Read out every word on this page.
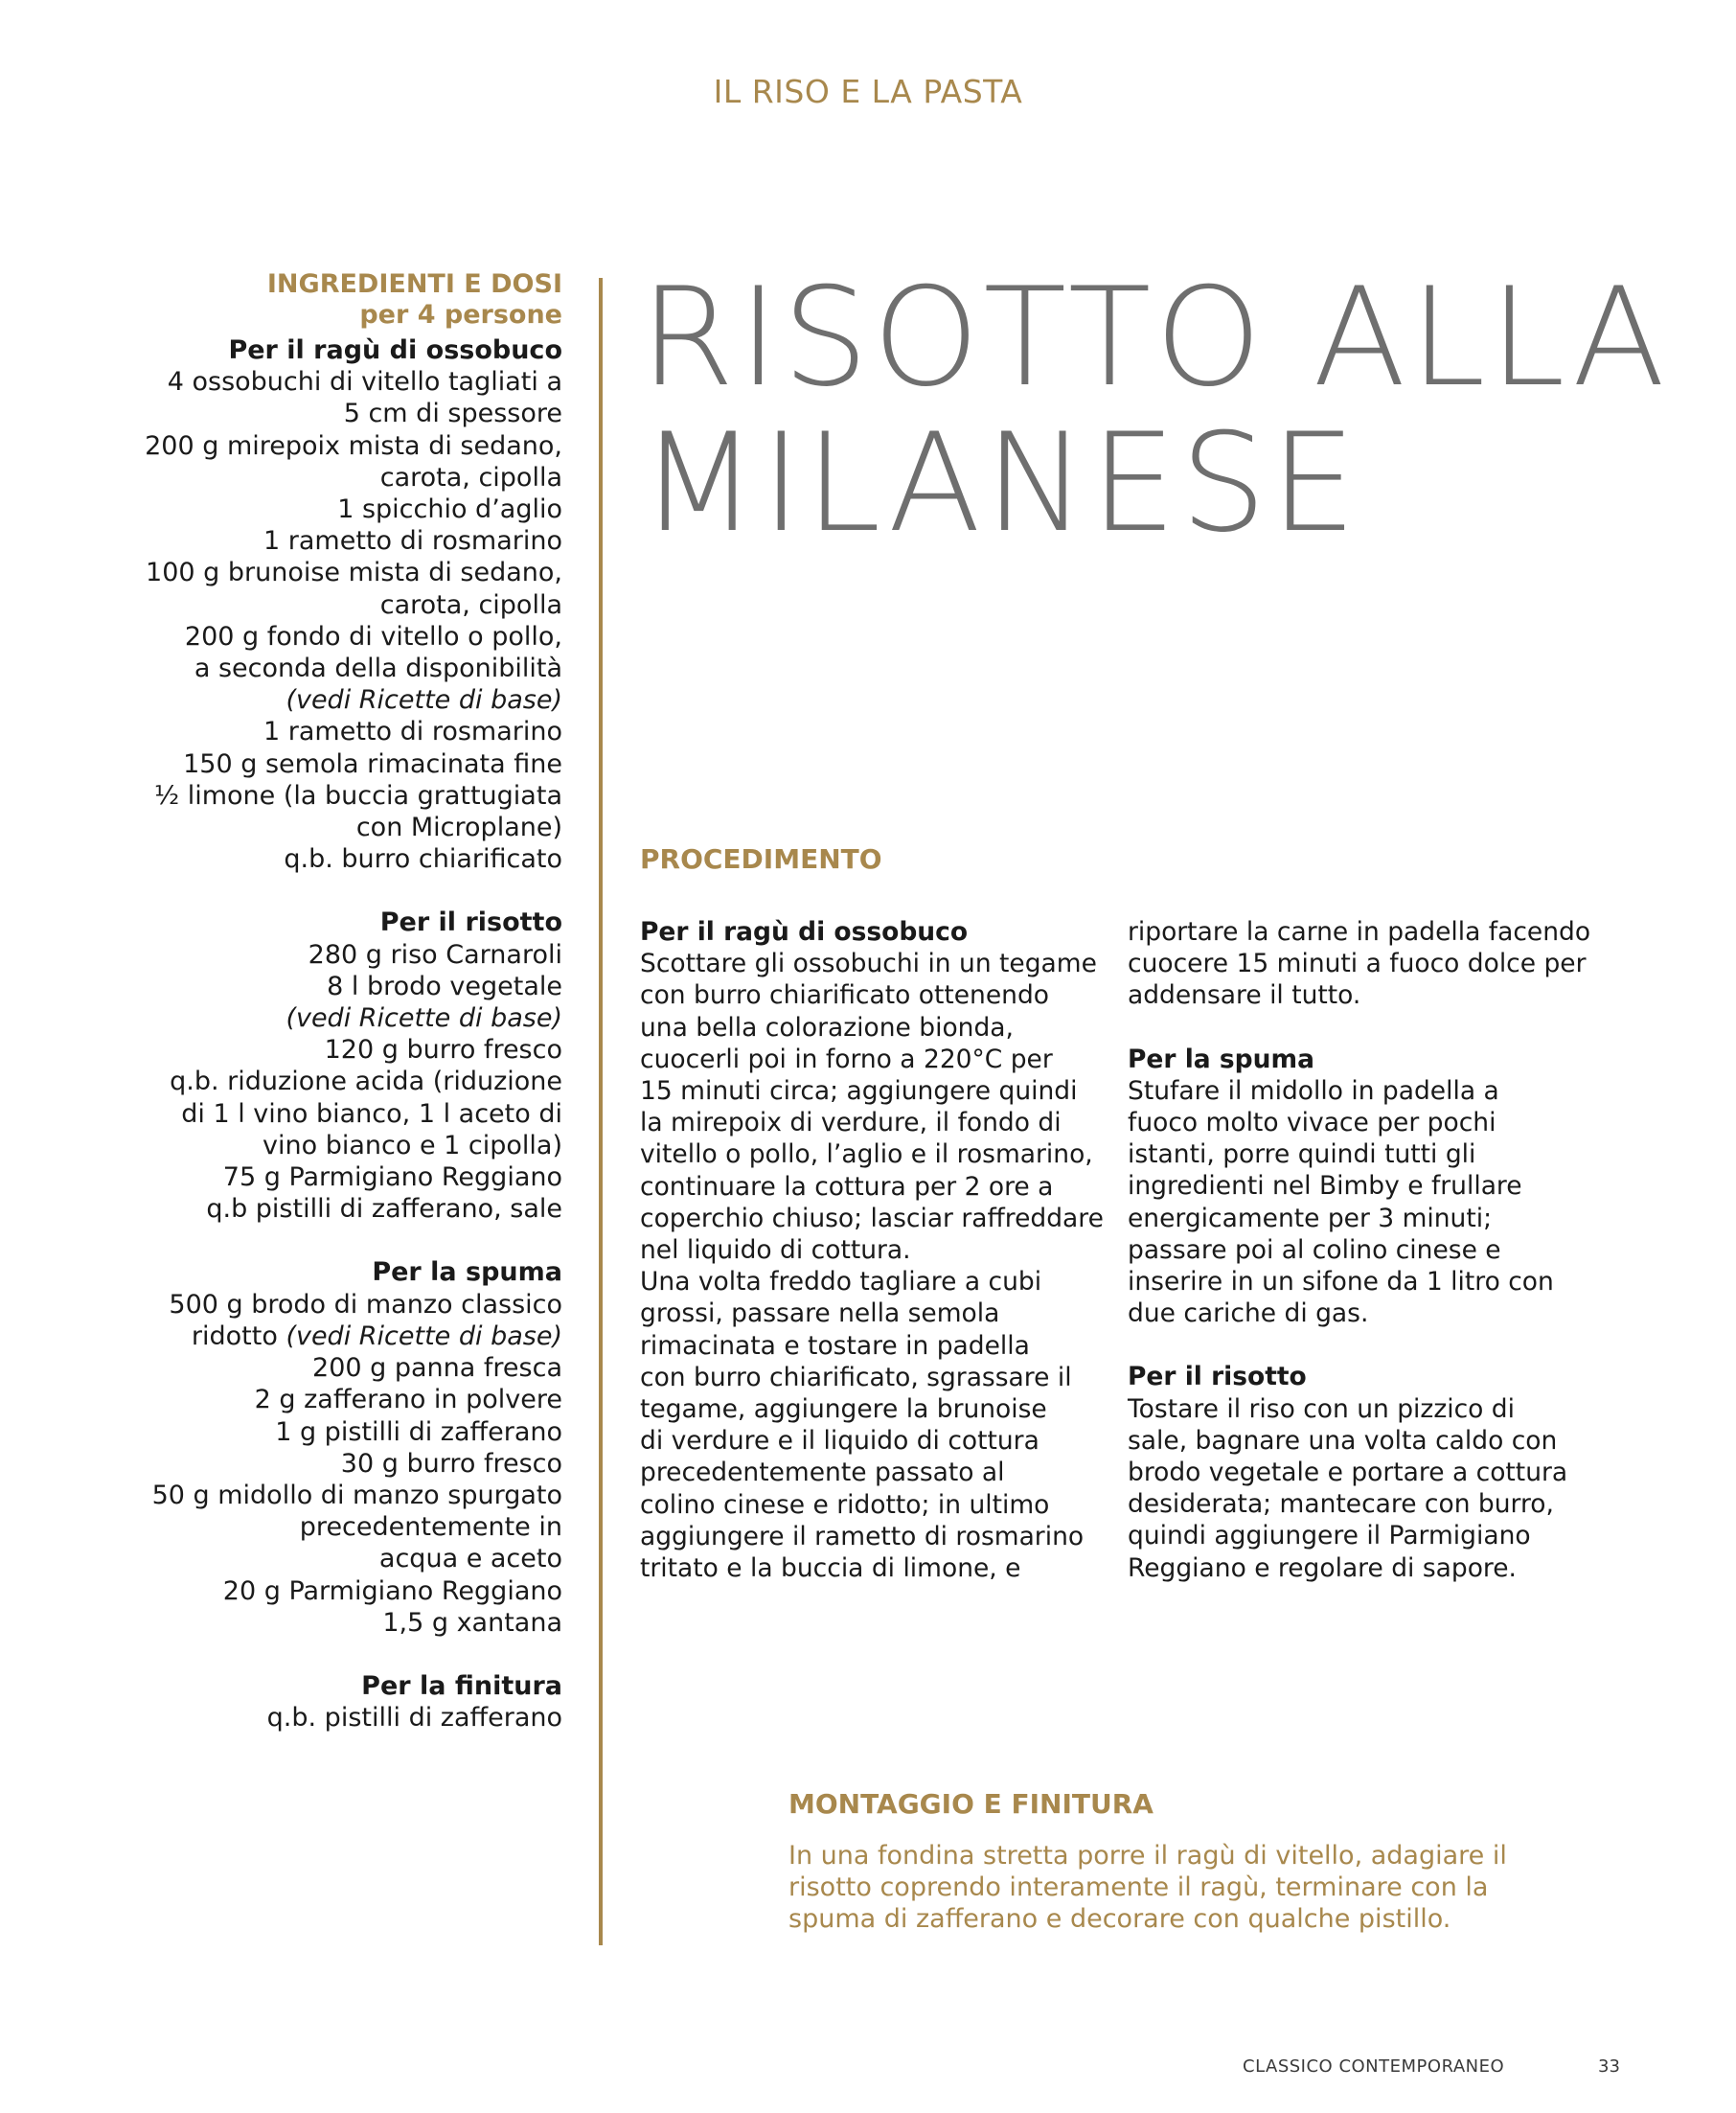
IL RISO E LA PASTA
INGREDIENTI E DOSI
per 4 persone
Per il ragù di ossobuco
4 ossobuchi di vitello tagliati a
5 cm di spessore
200 g mirepoix mista di sedano,
carota, cipolla
1 spicchio d’aglio
1 rametto di rosmarino
100 g brunoise mista di sedano,
carota, cipolla
200 g fondo di vitello o pollo,
a seconda della disponibilità
(vedi Ricette di base)
1 rametto di rosmarino
150 g semola rimacinata fine
½ limone (la buccia grattugiata
con Microplane)
q.b. burro chiarificato
Per il risotto
280 g riso Carnaroli
8 l brodo vegetale
(vedi Ricette di base)
120 g burro fresco
q.b. riduzione acida (riduzione
di 1 l vino bianco, 1 l aceto di
vino bianco e 1 cipolla)
75 g Parmigiano Reggiano
q.b pistilli di zafferano, sale
Per la spuma
500 g brodo di manzo classico
ridotto (vedi Ricette di base)
200 g panna fresca
2 g zafferano in polvere
1 g pistilli di zafferano
30 g burro fresco
50 g midollo di manzo spurgato
precedentemente in
acqua e aceto
20 g Parmigiano Reggiano
1,5 g xantana
Per la finitura
q.b. pistilli di zafferano
RISOTTO ALLA
MILANESE
PROCEDIMENTO
Per il ragù di ossobuco
Scottare gli ossobuchi in un tegame
con burro chiarificato ottenendo
una bella colorazione bionda,
cuocerli poi in forno a 220°C per
15 minuti circa; aggiungere quindi
la mirepoix di verdure, il fondo di
vitello o pollo, l’aglio e il rosmarino,
continuare la cottura per 2 ore a
coperchio chiuso; lasciar raffreddare
nel liquido di cottura.
Una volta freddo tagliare a cubi
grossi, passare nella semola
rimacinata e tostare in padella
con burro chiarificato, sgrassare il
tegame, aggiungere la brunoise
di verdure e il liquido di cottura
precedentemente passato al
colino cinese e ridotto; in ultimo
aggiungere il rametto di rosmarino
tritato e la buccia di limone, e
riportare la carne in padella facendo
cuocere 15 minuti a fuoco dolce per
addensare il tutto.
Per la spuma
Stufare il midollo in padella a
fuoco molto vivace per pochi
istanti, porre quindi tutti gli
ingredienti nel Bimby e frullare
energicamente per 3 minuti;
passare poi al colino cinese e
inserire in un sifone da 1 litro con
due cariche di gas.
Per il risotto
Tostare il riso con un pizzico di
sale, bagnare una volta caldo con
brodo vegetale e portare a cottura
desiderata; mantecare con burro,
quindi aggiungere il Parmigiano
Reggiano e regolare di sapore.
MONTAGGIO E FINITURA
In una fondina stretta porre il ragù di vitello, adagiare il
risotto coprendo interamente il ragù, terminare con la
spuma di zafferano e decorare con qualche pistillo.
CLASSICO CONTEMPORANEO	33
